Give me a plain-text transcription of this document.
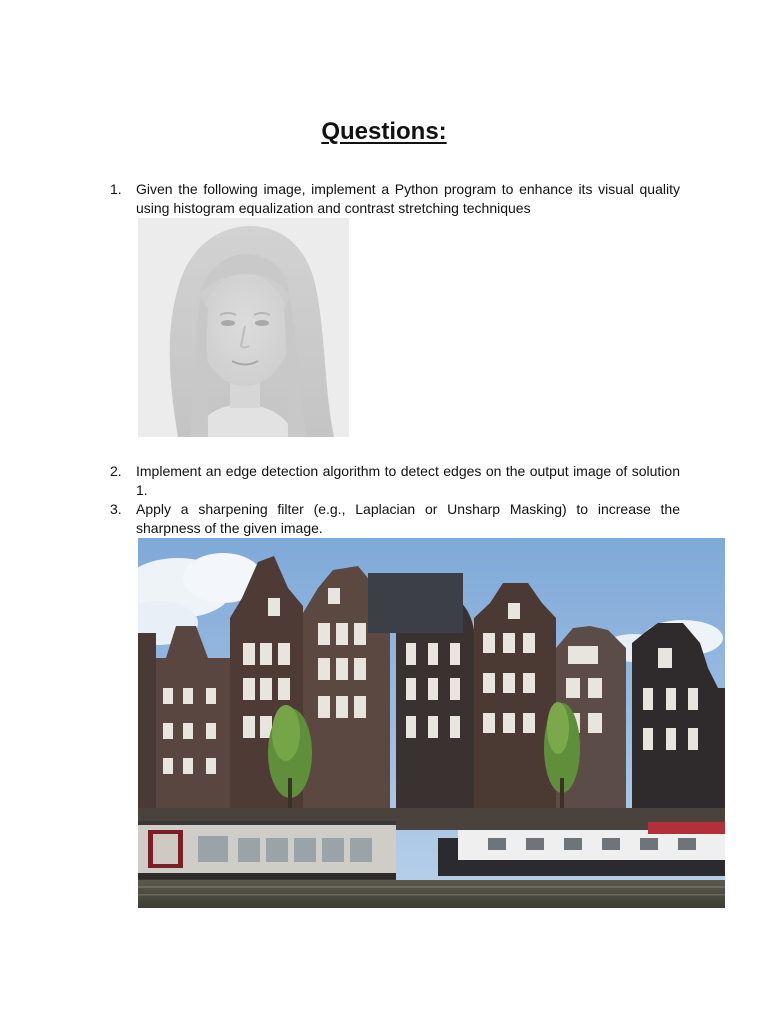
Questions:
1.	Given the following image, implement a Python program to enhance its visual quality using histogram equalization and contrast stretching techniques
2.	Implement an edge detection algorithm to detect edges on the output image of solution 1.
3.	Apply a sharpening filter (e.g., Laplacian or Unsharp Masking) to increase the sharpness of the given image.
